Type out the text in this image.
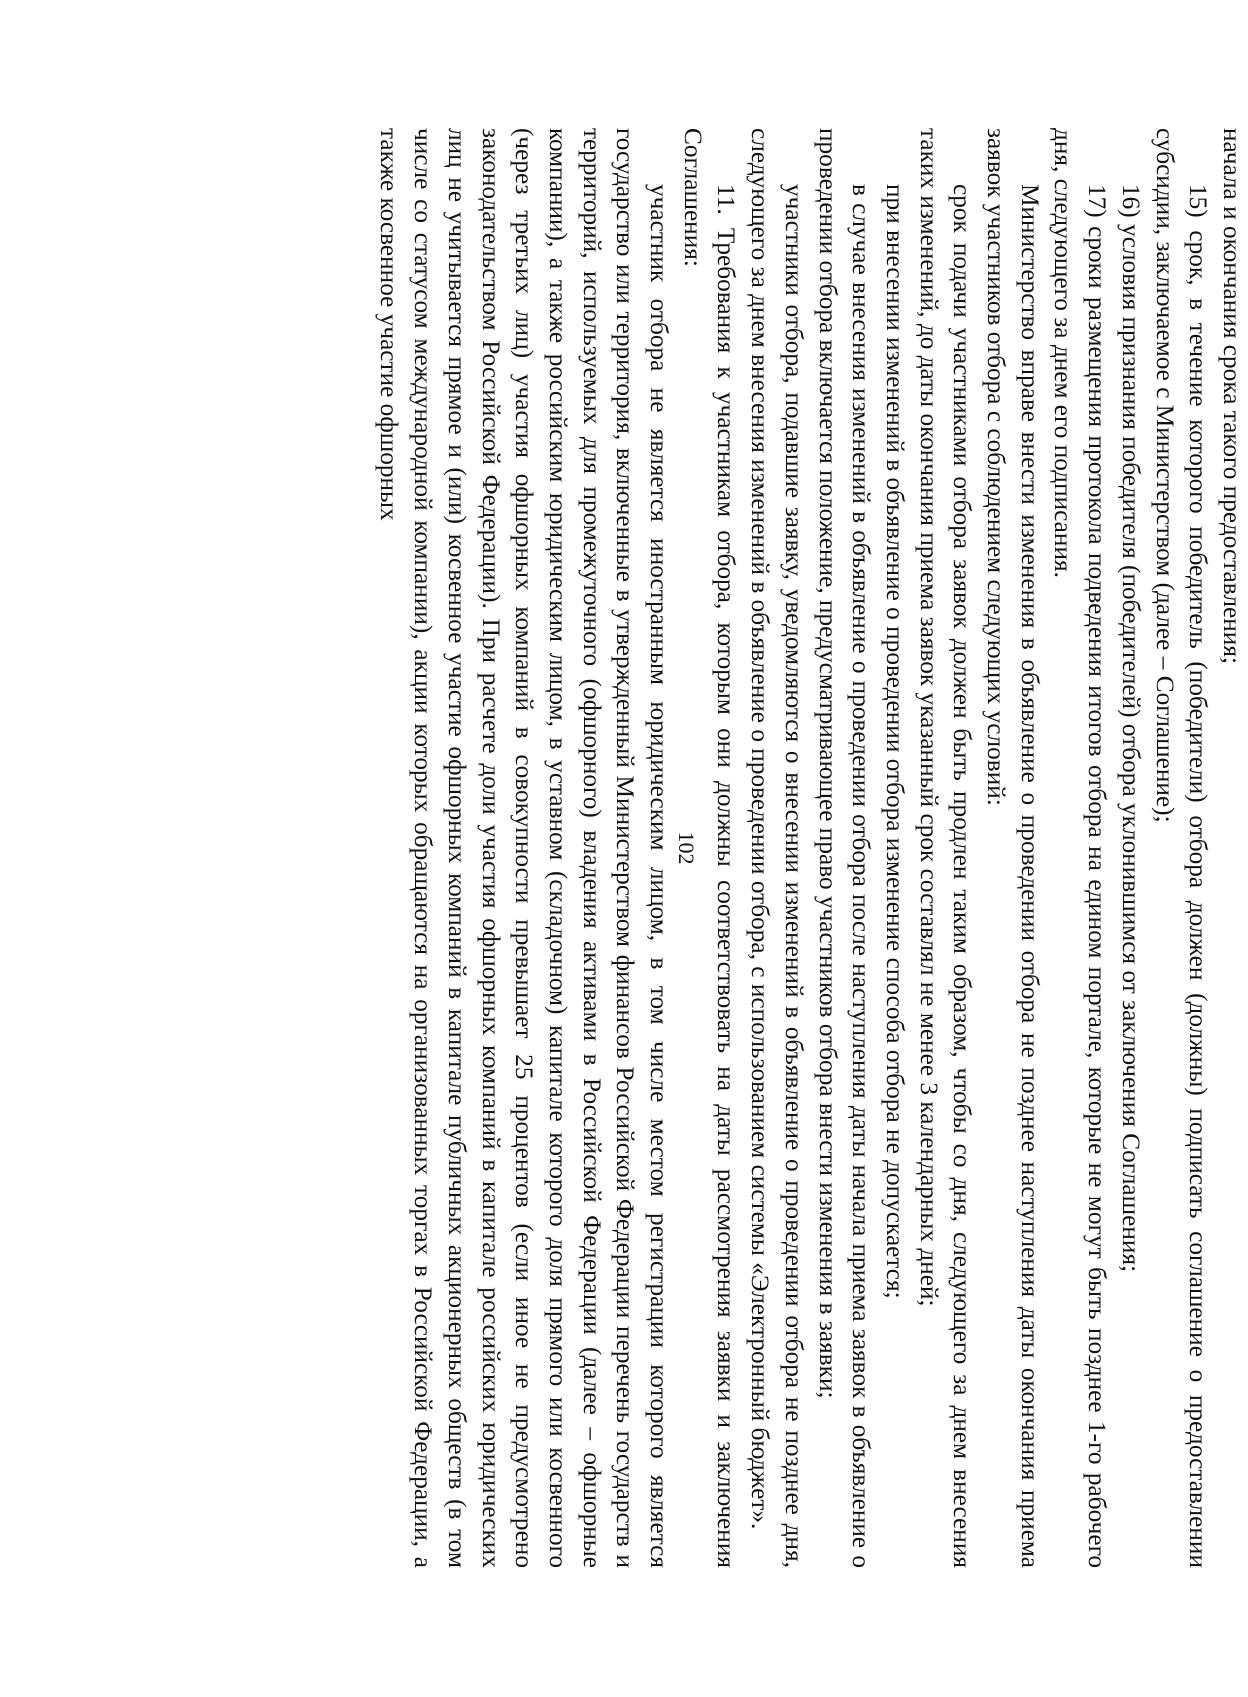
102

начала и окончания срока такого предоставления;

15) срок, в течение которого победитель (победители) отбора должен (должны) подписать соглашение о предоставлении субсидии, заключаемое с Министерством (далее – Соглашение);

16) условия признания победителя (победителей) отбора уклонившимся от заключения Соглашения;

17) сроки размещения протокола подведения итогов отбора на едином портале, которые не могут быть позднее 1-го рабочего дня, следующего за днем его подписания.

Министерство вправе внести изменения в объявление о проведении отбора не позднее наступления даты окончания приема заявок участников отбора с соблюдением следующих условий:

срок подачи участниками отбора заявок должен быть продлен таким образом, чтобы со дня, следующего за днем внесения таких изменений, до даты окончания приема заявок указанный срок составлял не менее 3 календарных дней;

при внесении изменений в объявление о проведении отбора изменение способа отбора не допускается;

в случае внесения изменений в объявление о проведении отбора после наступления даты начала приема заявок в объявление о проведении отбора включается положение, предусматривающее право участников отбора внести изменения в заявки;

участники отбора, подавшие заявку, уведомляются о внесении изменений в объявление о проведении отбора не позднее дня, следующего за днем внесения изменений в объявление о проведении отбора, с использованием системы «Электронный бюджет».

11. Требования к участникам отбора, которым они должны соответствовать на даты рассмотрения заявки и заключения Соглашения:

участник отбора не является иностранным юридическим лицом, в том числе местом регистрации которого является государство или территория, включенные в утвержденный Министерством финансов Российской Федерации перечень государств и территорий, используемых для промежуточного (офшорного) владения активами в Российской Федерации (далее – офшорные компании), а также российским юридическим лицом, в уставном (складочном) капитале которого доля прямого или косвенного (через третьих лиц) участия офшорных компаний в совокупности превышает 25 процентов (если иное не предусмотрено законодательством Российской Федерации). При расчете доли участия офшорных компаний в капитале российских юридических лиц не учитывается прямое и (или) косвенное участие офшорных компаний в капитале публичных акционерных обществ (в том числе со статусом международной компании), акции которых обращаются на организованных торгах в Российской Федерации, а также косвенное участие офшорных
